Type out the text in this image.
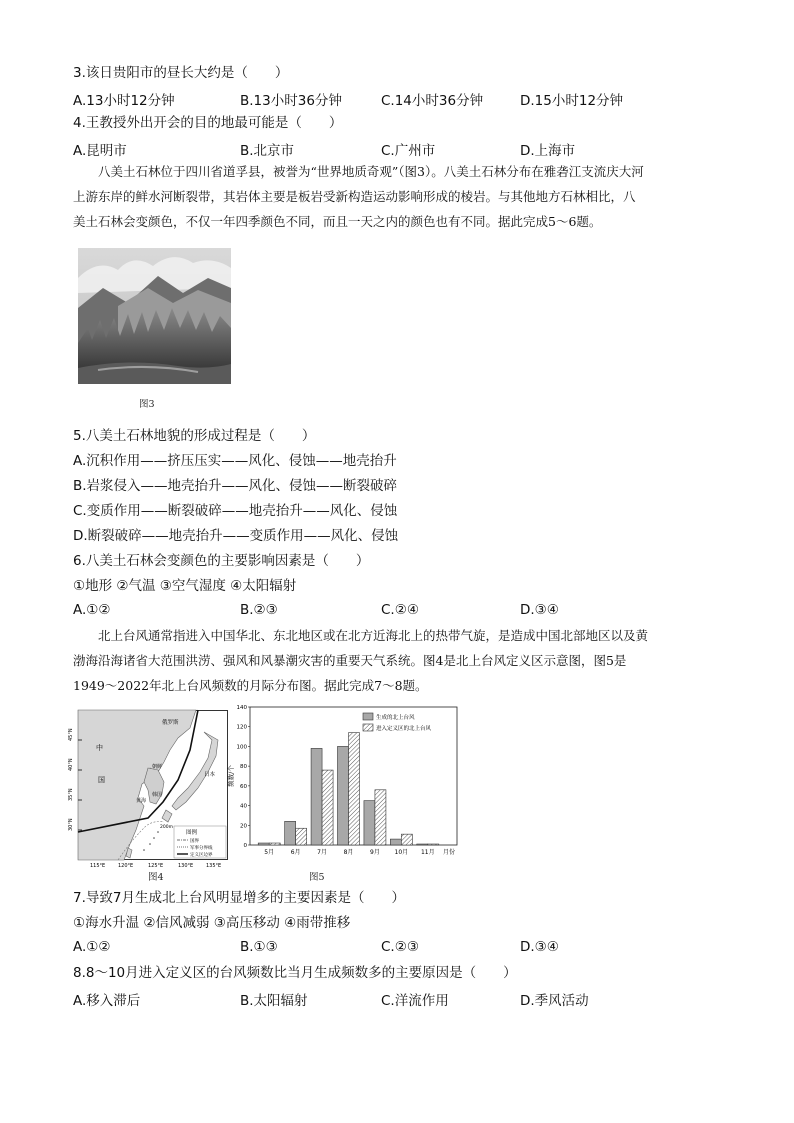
3.该日贵阳市的昼长大约是（　　）
A.13小时12分钟	B.13小时36分钟	C.14小时36分钟	D.15小时12分钟
4.王教授外出开会的目的地最可能是（　　）
A.昆明市	B.北京市	C.广州市	D.上海市
　　八美土石林位于四川省道孚县，被誉为“世界地质奇观”（图3）。八美土石林分布在雅砻江支流庆大河
上游东岸的鲜水河断裂带，其岩体主要是板岩受新构造运动影响形成的棱岩。与其他地方石林相比，八
美土石林会变颜色，不仅一年四季颜色不同，而且一天之内的颜色也有不同。据此完成5～6题。
图3
5.八美土石林地貌的形成过程是（　　）
A.沉积作用——挤压压实——风化、侵蚀——地壳抬升
B.岩浆侵入——地壳抬升——风化、侵蚀——断裂破碎
C.变质作用——断裂破碎——地壳抬升——风化、侵蚀
D.断裂破碎——地壳抬升——变质作用——风化、侵蚀
6.八美土石林会变颜色的主要影响因素是（　　）
①地形 ②气温 ③空气湿度 ④太阳辐射
A.①②	B.②③	C.②④	D.③④
　　北上台风通常指进入中国华北、东北地区或在北方近海北上的热带气旋，是造成中国北部地区以及黄
渤海沿海诸省大范围洪涝、强风和风暴潮灾害的重要天气系统。图4是北上台风定义区示意图，图5是
1949～2022年北上台风频数的月际分布图。据此完成7～8题。
俄罗斯
中
国
朝鲜
韩国
日本
黄海
200m
图例
国界
军事分界线
定义区边界
45°N
40°N
35°N
30°N
115°E	120°E	125°E	130°E	135°E
图4
0
20
40
60
80
100
120
140
频数/个
5月	6月	7月	8月	9月 10月 11月 月份
生成的北上台风
进入定义区的北上台风
图5
7.导致7月生成北上台风明显增多的主要因素是（　　）
①海水升温 ②信风减弱 ③高压移动 ④雨带推移
A.①②	B.①③	C.②③	D.③④
8.8～10月进入定义区的台风频数比当月生成频数多的主要原因是（　　）
A.移入滞后	B.太阳辐射	C.洋流作用	D.季风活动
